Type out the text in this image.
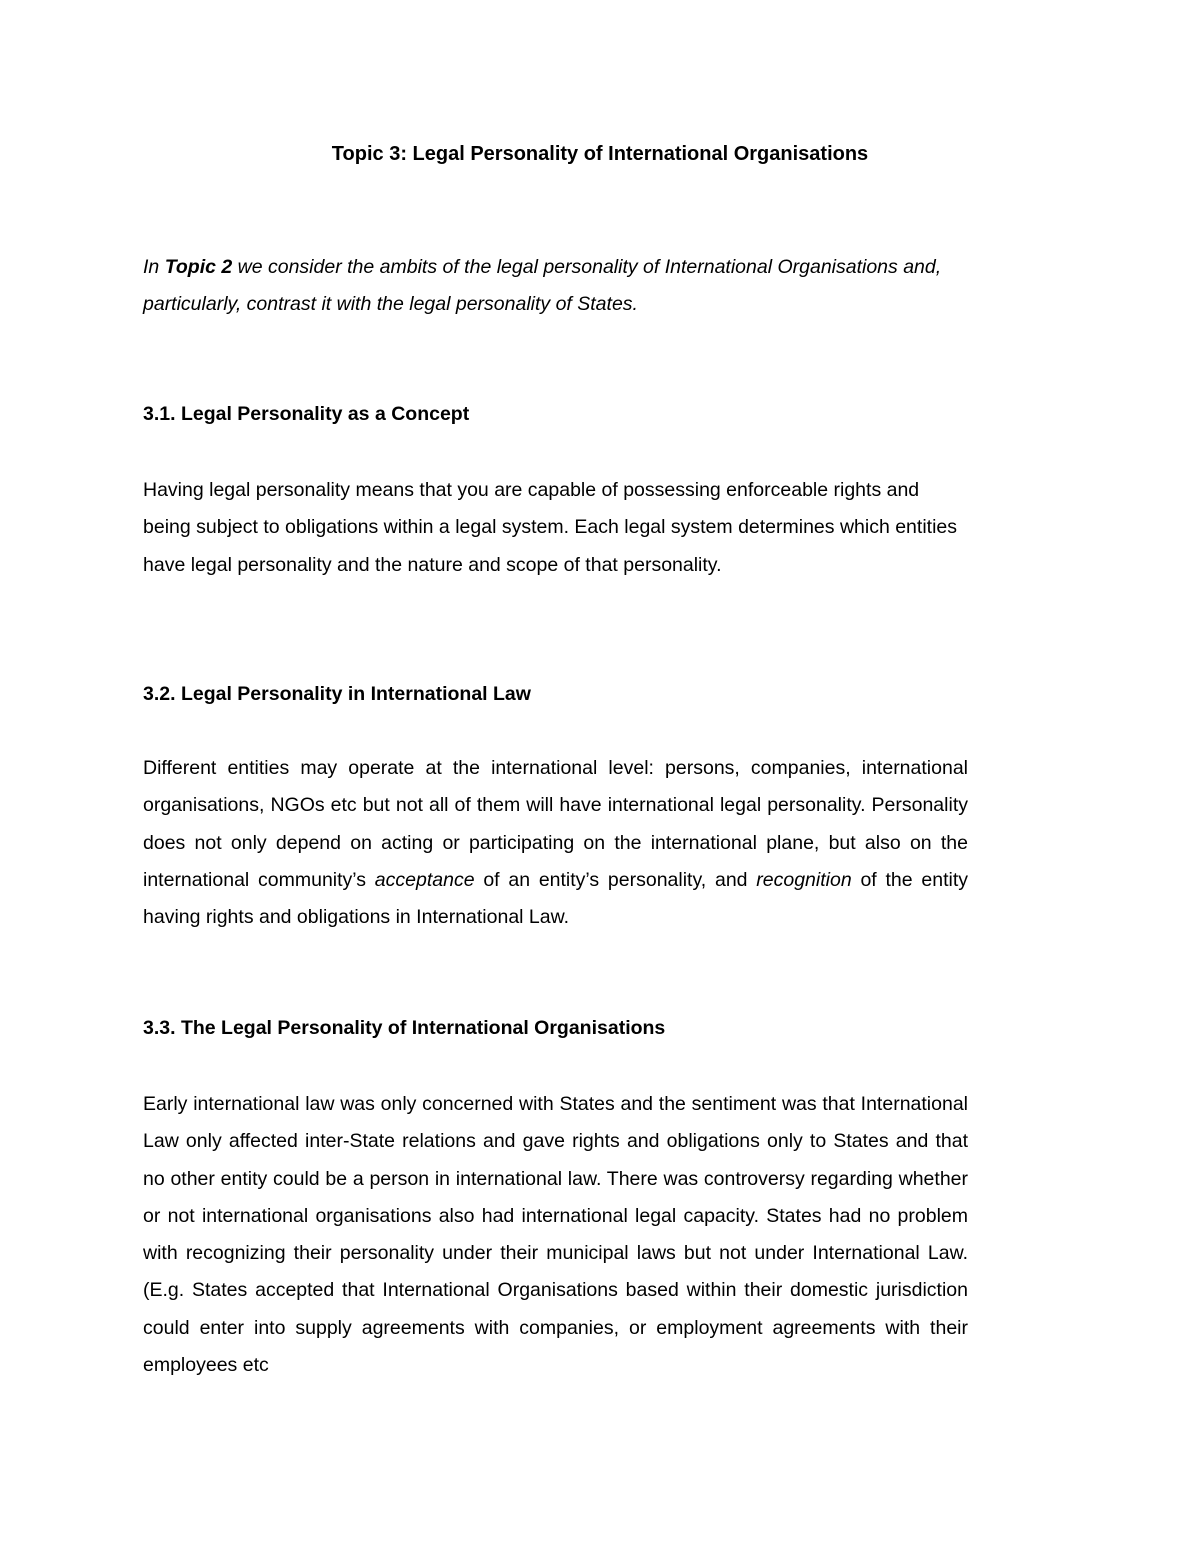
Topic 3: Legal Personality of International Organisations

In Topic 2 we consider the ambits of the legal personality of International Organisations and, particularly, contrast it with the legal personality of States.

3.1. Legal Personality as a Concept

Having legal personality means that you are capable of possessing enforceable rights and being subject to obligations within a legal system. Each legal system determines which entities have legal personality and the nature and scope of that personality.

3.2. Legal Personality in International Law

Different entities may operate at the international level: persons, companies, international organisations, NGOs etc but not all of them will have international legal personality. Personality does not only depend on acting or participating on the international plane, but also on the international community’s acceptance of an entity’s personality, and recognition of the entity having rights and obligations in International Law.

3.3. The Legal Personality of International Organisations

Early international law was only concerned with States and the sentiment was that International Law only affected inter-State relations and gave rights and obligations only to States and that no other entity could be a person in international law. There was controversy regarding whether or not international organisations also had international legal capacity. States had no problem with recognizing their personality under their municipal laws but not under International Law. (E.g. States accepted that International Organisations based within their domestic jurisdiction could enter into supply agreements with companies, or employment agreements with their employees etc
